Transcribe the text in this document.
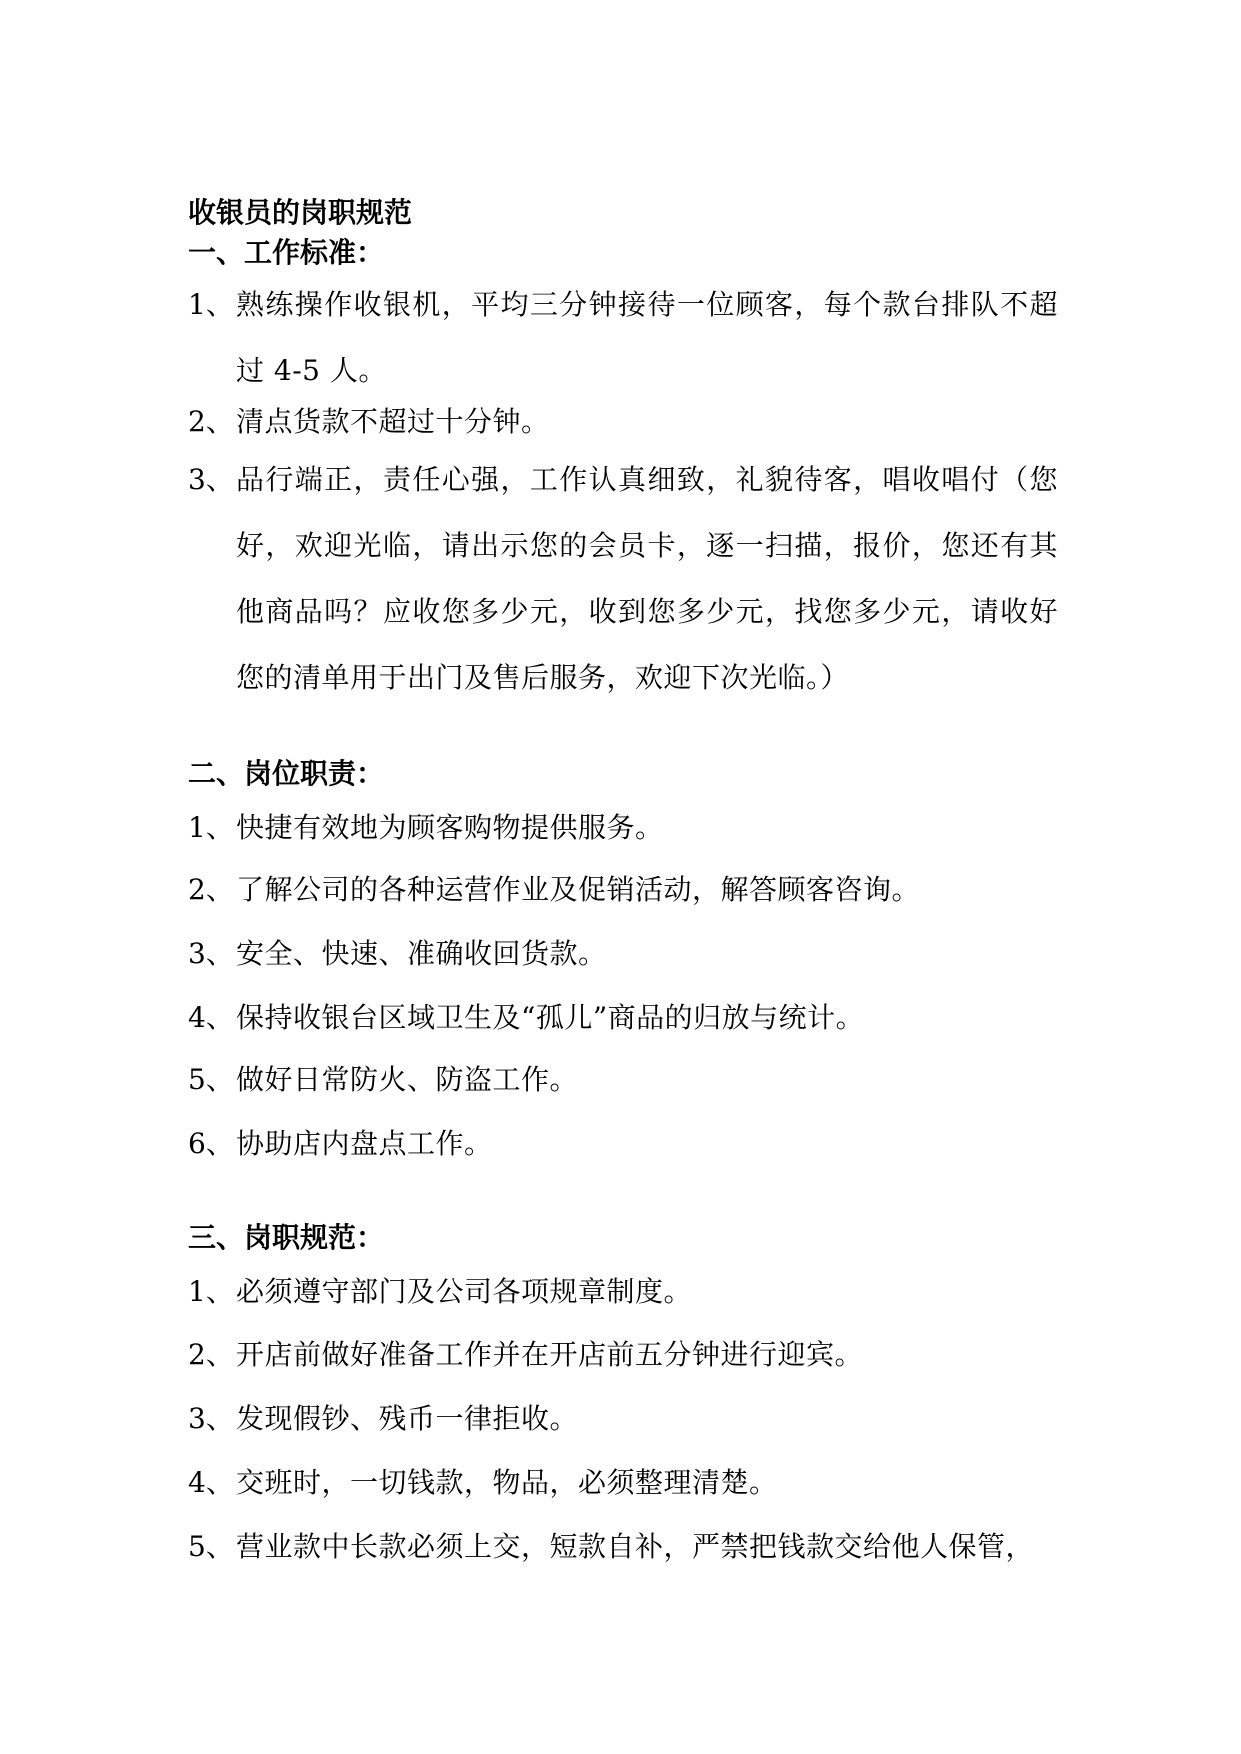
收银员的岗职规范
一、工作标准：
1、 熟练操作收银机，平均三分钟接待一位顾客，每个款台排队不超过 4-5 人。
2、 清点货款不超过十分钟。
3、 品行端正，责任心强，工作认真细致，礼貌待客，唱收唱付（您好，欢迎光临，请出示您的会员卡，逐一扫描，报价，您还有其他商品吗？应收您多少元，收到您多少元，找您多少元，请收好您的清单用于出门及售后服务，欢迎下次光临。）
二、岗位职责：
1、 快捷有效地为顾客购物提供服务。
2、 了解公司的各种运营作业及促销活动，解答顾客咨询。
3、 安全、快速、准确收回货款。
4、 保持收银台区域卫生及“孤儿”商品的归放与统计。
5、 做好日常防火、防盗工作。
6、 协助店内盘点工作。
三、岗职规范：
1、 必须遵守部门及公司各项规章制度。
2、 开店前做好准备工作并在开店前五分钟进行迎宾。
3、 发现假钞、残币一律拒收。
4、 交班时，一切钱款，物品，必须整理清楚。
5、 营业款中长款必须上交，短款自补，严禁把钱款交给他人保管，
